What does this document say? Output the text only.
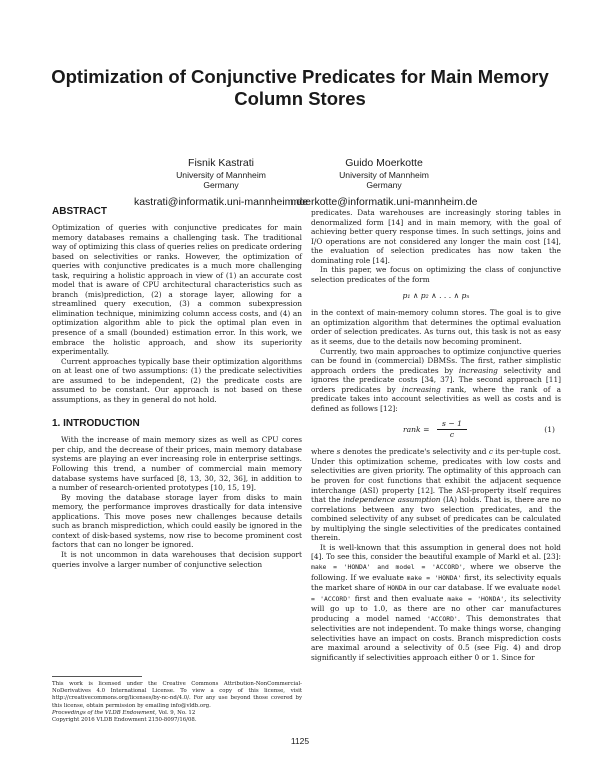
Optimization of Conjunctive Predicates for Main Memory Column Stores
Fisnik Kastrati
University of Mannheim
Germany
kastrati@informatik.uni-mannheim.de
Guido Moerkotte
University of Mannheim
Germany
moerkotte@informatik.uni-mannheim.de
ABSTRACT

Optimization of queries with conjunctive predicates for main memory databases remains a challenging task. The traditional way of optimizing this class of queries relies on predicate ordering based on selectivities or ranks. However, the optimization of queries with conjunctive predicates is a much more challenging task, requiring a holistic approach in view of (1) an accurate cost model that is aware of CPU architectural characteristics such as branch (mis)prediction, (2) a storage layer, allowing for a streamlined query execution, (3) a common subexpression elimination technique, minimizing column access costs, and (4) an optimization algorithm able to pick the optimal plan even in presence of a small (bounded) estimation error. In this work, we embrace the holistic approach, and show its superiority experimentally.

Current approaches typically base their optimization algorithms on at least one of two assumptions: (1) the predicate selectivities are assumed to be independent, (2) the predicate costs are assumed to be constant. Our approach is not based on these assumptions, as they in general do not hold.

1. INTRODUCTION

With the increase of main memory sizes as well as CPU cores per chip, and the decrease of their prices, main memory database systems are playing an ever increasing role in enterprise settings. Following this trend, a number of commercial main memory database systems have surfaced [8, 13, 30, 32, 36], in addition to a number of research-oriented prototypes [10, 15, 19].

By moving the database storage layer from disks to main memory, the performance improves drastically for data intensive applications. This move poses new challenges because details such as branch misprediction, which could easily be ignored in the context of disk-based systems, now rise to become prominent cost factors that can no longer be ignored.

It is not uncommon in data warehouses that decision support queries involve a larger number of conjunctive selection

This work is licensed under the Creative Commons Attribution-NonCommercial-NoDerivatives 4.0 International License. To view a copy of this license, visit http://creativecommons.org/licenses/by-nc-nd/4.0/. For any use beyond those covered by this license, obtain permission by emailing info@vldb.org.
Proceedings of the VLDB Endowment, Vol. 9, No. 12
Copyright 2016 VLDB Endowment 2150-8097/16/08.

predicates. Data warehouses are increasingly storing tables in denormalized form [14] and in main memory, with the goal of achieving better query response times. In such settings, joins and I/O operations are not considered any longer the main cost [14], the evaluation of selection predicates has now taken the dominating role [14].

In this paper, we focus on optimizing the class of conjunctive selection predicates of the form

p₁ ∧ p₂ ∧ . . . ∧ pₙ

in the context of main-memory column stores. The goal is to give an optimization algorithm that determines the optimal evaluation order of selection predicates. As turns out, this task is not as easy as it seems, due to the details now becoming prominent.

Currently, two main approaches to optimize conjunctive queries can be found in (commercial) DBMSs. The first, rather simplistic approach orders the predicates by increasing selectivity and ignores the predicate costs [34, 37]. The second approach [11] orders predicates by increasing rank, where the rank of a predicate takes into account selectivities as well as costs and is defined as follows [12]:

rank = $\frac{s - 1}{c}$	(1)

where s denotes the predicate's selectivity and c its per-tuple cost. Under this optimization scheme, predicates with low costs and selectivities are given priority. The optimality of this approach can be proven for cost functions that exhibit the adjacent sequence interchange (ASI) property [12]. The ASI-property itself requires that the independence assumption (IA) holds. That is, there are no correlations between any two selection predicates, and the combined selectivity of any subset of predicates can be calculated by multiplying the single selectivities of the predicates contained therein.

It is well-known that this assumption in general does not hold [4]. To see this, consider the beautiful example of Markl et al. [23]: make = 'HONDA' and model = 'ACCORD', where we observe the following. If we evaluate make = 'HONDA' first, its selectivity equals the market share of HONDA in our car database. If we evaluate model = 'ACCORD' first and then evaluate make = 'HONDA', its selectivity will go up to 1.0, as there are no other car manufactures producing a model named 'ACCORD'. This demonstrates that selectivities are not independent. To make things worse, changing selectivities have an impact on costs. Branch misprediction costs are maximal around a selectivity of 0.5 (see Fig. 4) and drop significantly if selectivities approach either 0 or 1. Since for

1125
